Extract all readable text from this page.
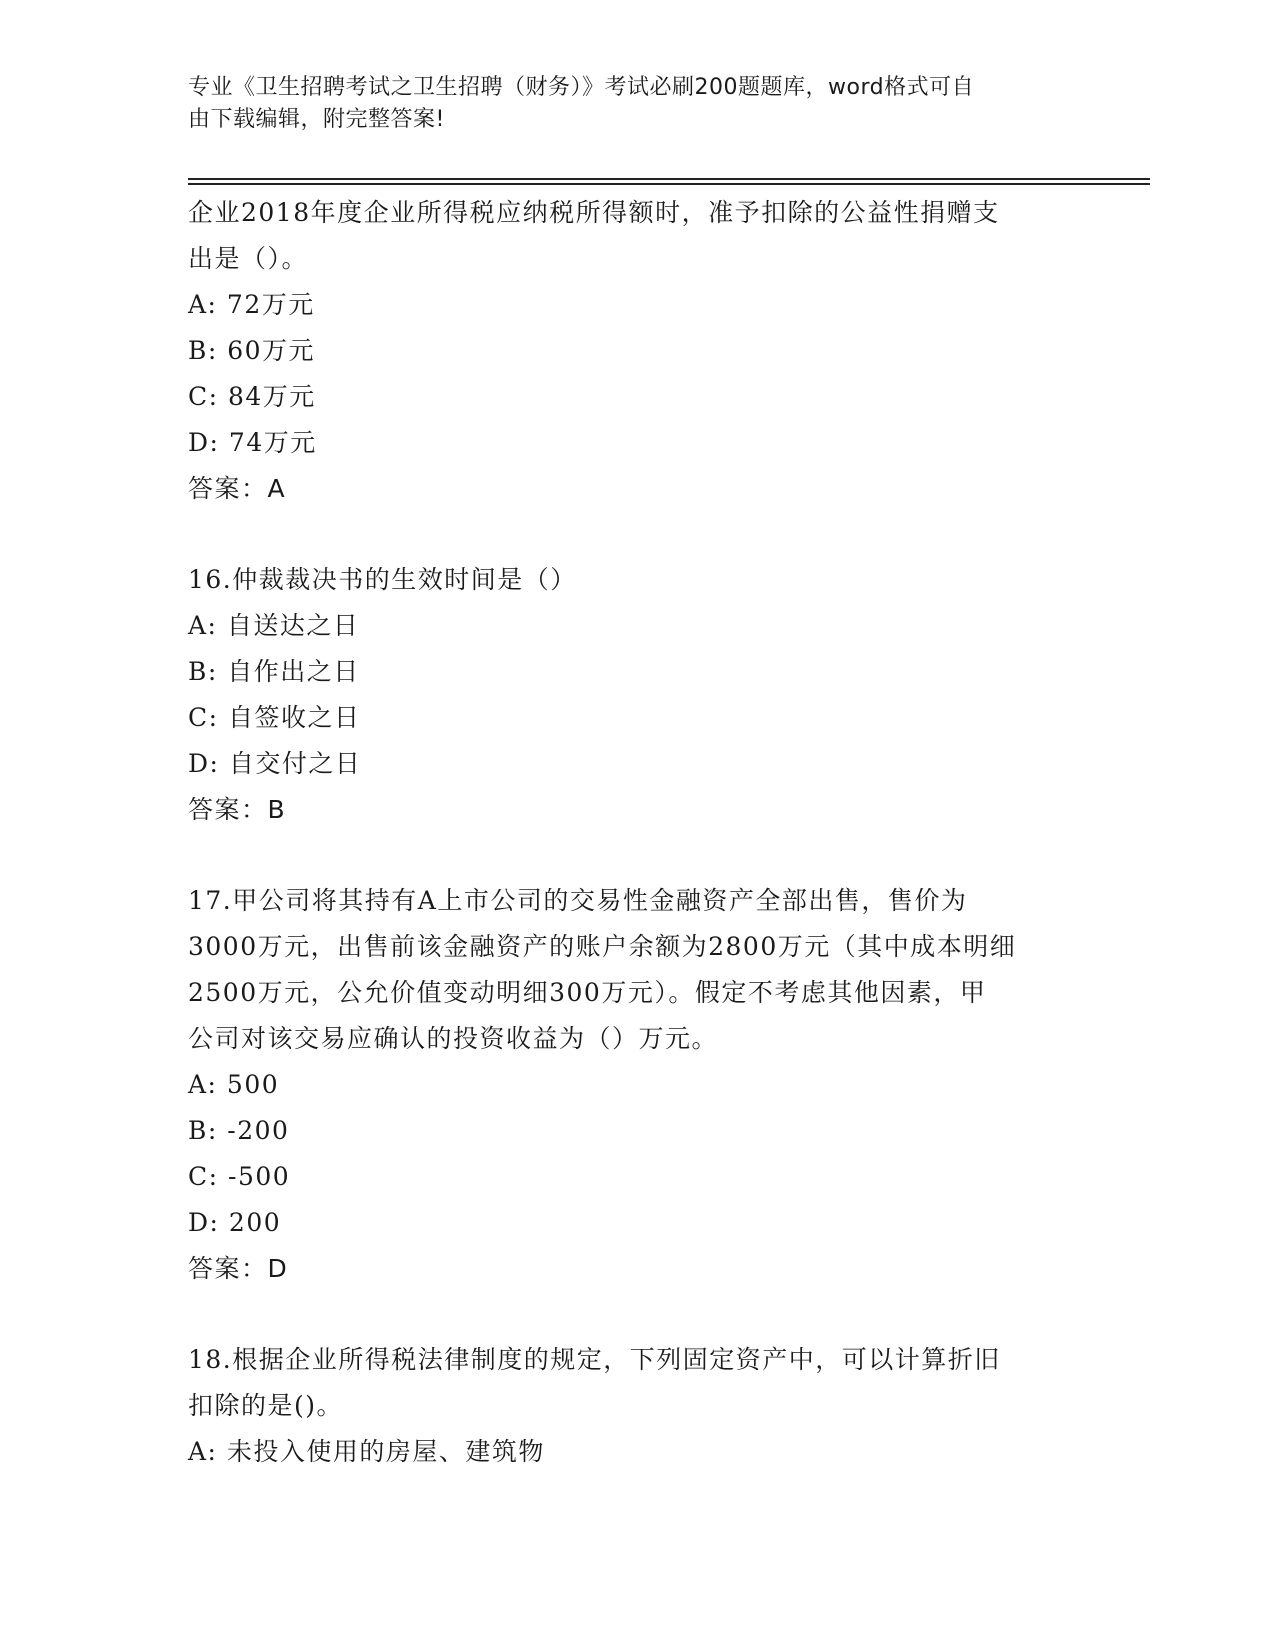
专业《卫生招聘考试之卫生招聘（财务）》考试必刷200题题库，word格式可自
由下载编辑，附完整答案!
企业2018年度企业所得税应纳税所得额时，准予扣除的公益性捐赠支
出是（）。
A: 72万元
B: 60万元
C: 84万元
D: 74万元
答案：A
16.仲裁裁决书的生效时间是（）
A: 自送达之日
B: 自作出之日
C: 自签收之日
D: 自交付之日
答案：B
17.甲公司将其持有A上市公司的交易性金融资产全部出售，售价为
3000万元，出售前该金融资产的账户余额为2800万元（其中成本明细
2500万元，公允价值变动明细300万元）。假定不考虑其他因素，甲
公司对该交易应确认的投资收益为（）万元。
A: 500
B: -200
C: -500
D: 200
答案：D
18.根据企业所得税法律制度的规定，下列固定资产中，可以计算折旧
扣除的是()。
A: 未投入使用的房屋、建筑物
